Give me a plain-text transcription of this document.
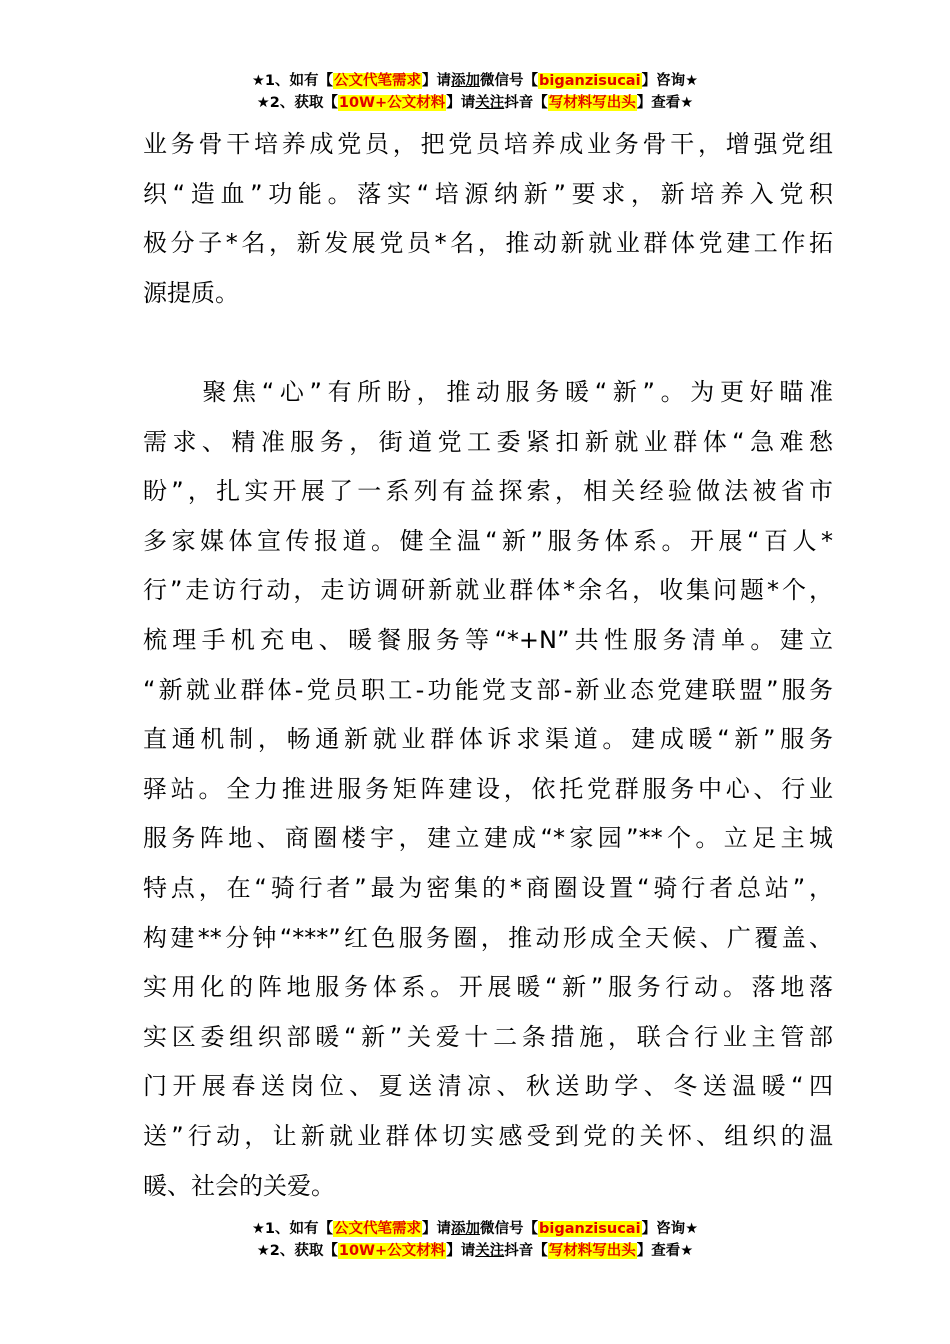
★1、如有【公文代笔需求】请添加微信号【biganzisucai】咨询★
★2、获取【10W+公文材料】请关注抖音【写材料写出头】查看★
业务骨干培养成党员，把党员培养成业务骨干，增强党组
织“造血”功能。落实“培源纳新”要求，新培养入党积
极分子*名，新发展党员*名，推动新就业群体党建工作拓
源提质。
　　聚焦“心”有所盼，推动服务暖“新”。为更好瞄准
需求、精准服务，街道党工委紧扣新就业群体“急难愁
盼”，扎实开展了一系列有益探索，相关经验做法被省市
多家媒体宣传报道。健全温“新”服务体系。开展“百人*
行”走访行动，走访调研新就业群体*余名，收集问题*个，
梳理手机充电、暖餐服务等“*+N”共性服务清单。建立
“新就业群体-党员职工-功能党支部-新业态党建联盟”服务
直通机制，畅通新就业群体诉求渠道。建成暖“新”服务
驿站。全力推进服务矩阵建设，依托党群服务中心、行业
服务阵地、商圈楼宇，建立建成“*家园”**个。立足主城
特点，在“骑行者”最为密集的*商圈设置“骑行者总站”，
构建**分钟“***”红色服务圈，推动形成全天候、广覆盖、
实用化的阵地服务体系。开展暖“新”服务行动。落地落
实区委组织部暖“新”关爱十二条措施，联合行业主管部
门开展春送岗位、夏送清凉、秋送助学、冬送温暖“四
送”行动，让新就业群体切实感受到党的关怀、组织的温
暖、社会的关爱。
★1、如有【公文代笔需求】请添加微信号【biganzisucai】咨询★
★2、获取【10W+公文材料】请关注抖音【写材料写出头】查看★
